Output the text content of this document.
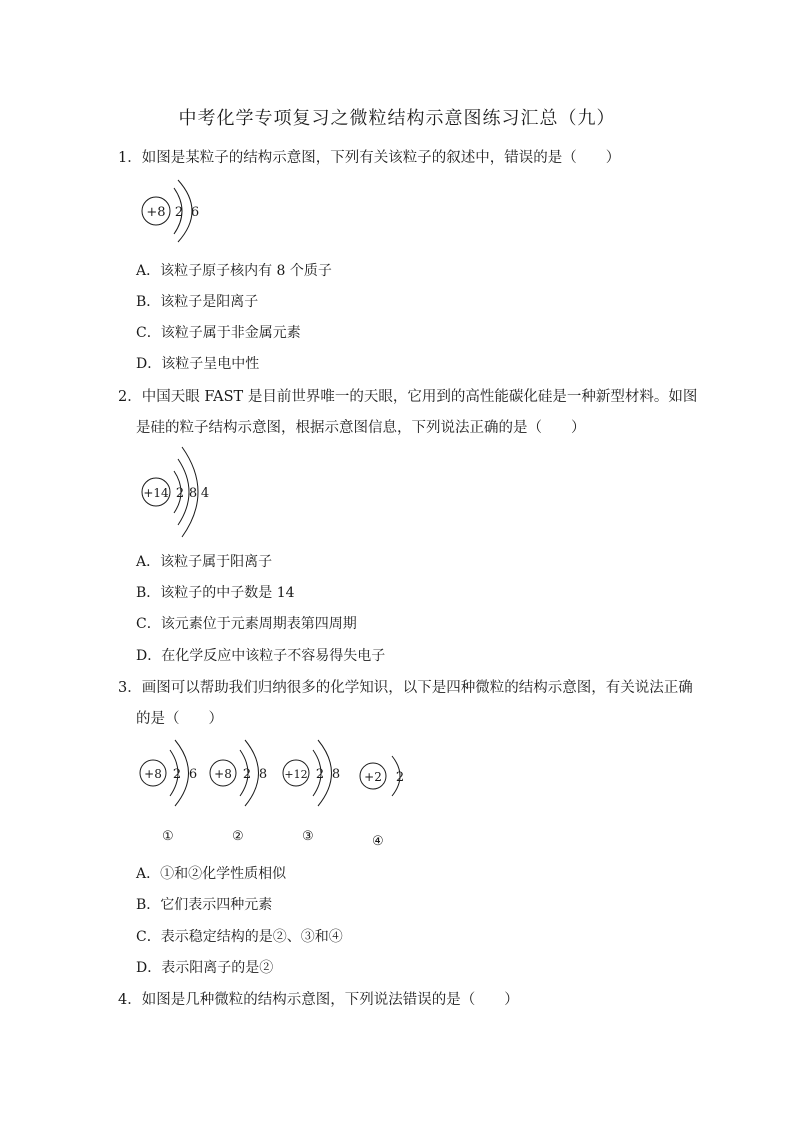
中考化学专项复习之微粒结构示意图练习汇总（九）
1．如图是某粒子的结构示意图，下列有关该粒子的叙述中，错误的是（　　）
+8 2 6
A．该粒子原子核内有 8 个质子
B．该粒子是阳离子
C．该粒子属于非金属元素
D．该粒子呈电中性
2．中国天眼 FAST 是目前世界唯一的天眼，它用到的高性能碳化硅是一种新型材料。如图
是硅的粒子结构示意图，根据示意图信息，下列说法正确的是（　　）
+14 2 8 4
A．该粒子属于阳离子
B．该粒子的中子数是 14
C．该元素位于元素周期表第四周期
D．在化学反应中该粒子不容易得失电子
3．画图可以帮助我们归纳很多的化学知识，以下是四种微粒的结构示意图，有关说法正确
的是（　　）
+8 2 6 +8 2 8 +12 2 8 +2 2
①	②	③	④
A．①和②化学性质相似
B．它们表示四种元素
C．表示稳定结构的是②、③和④
D．表示阳离子的是②
4．如图是几种微粒的结构示意图，下列说法错误的是（　　）
